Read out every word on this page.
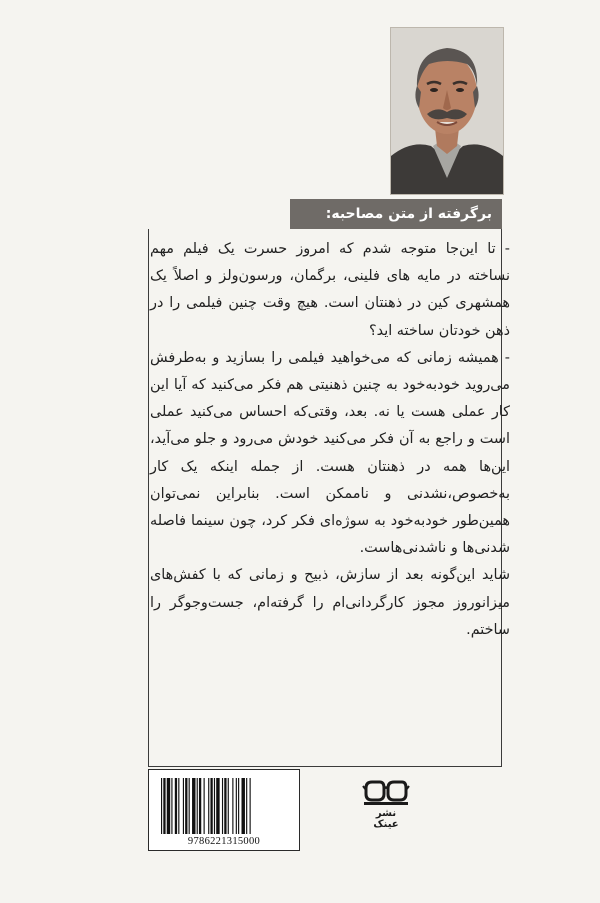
برگرفته از متن مصاحبه:

- تا این‌جا متوجه شدم که امروز حسرت یک فیلم مهم نساخته در مایه های فلینی، برگمان، ورسون‌ولز و اصلاً یک همشهری کین در ذهنتان است. هیچ وقت چنین فیلمی را در ذهن خودتان ساخته اید؟

- همیشه زمانی که می‌خواهید فیلمی را بسازید و به‌طرفش می‌روید خودبه‌خود به چنین ذهنیتی هم فکر می‌کنید که آیا این کار عملی هست یا نه. بعد، وقتی‌که احساس می‌کنید عملی است و راجع به آن فکر می‌کنید خودش می‌رود و جلو می‌آید، این‌ها همه در ذهنتان هست. از جمله اینکه یک کار به‌خصوص،نشدنی و ناممکن است. بنابراین نمی‌توان همین‌طور خودبه‌خود به سوژه‌ای فکر کرد، چون سینما فاصله شدنی‌ها و ناشدنی‌هاست.

شاید این‌گونه بعد از سازش، ذبیح و زمانی که با کفش‌های میزانوروز مجوز کارگردانی‌ام را گرفته‌ام، جست‌وجوگر را ساختم.

9786221315000
نشر عینک
